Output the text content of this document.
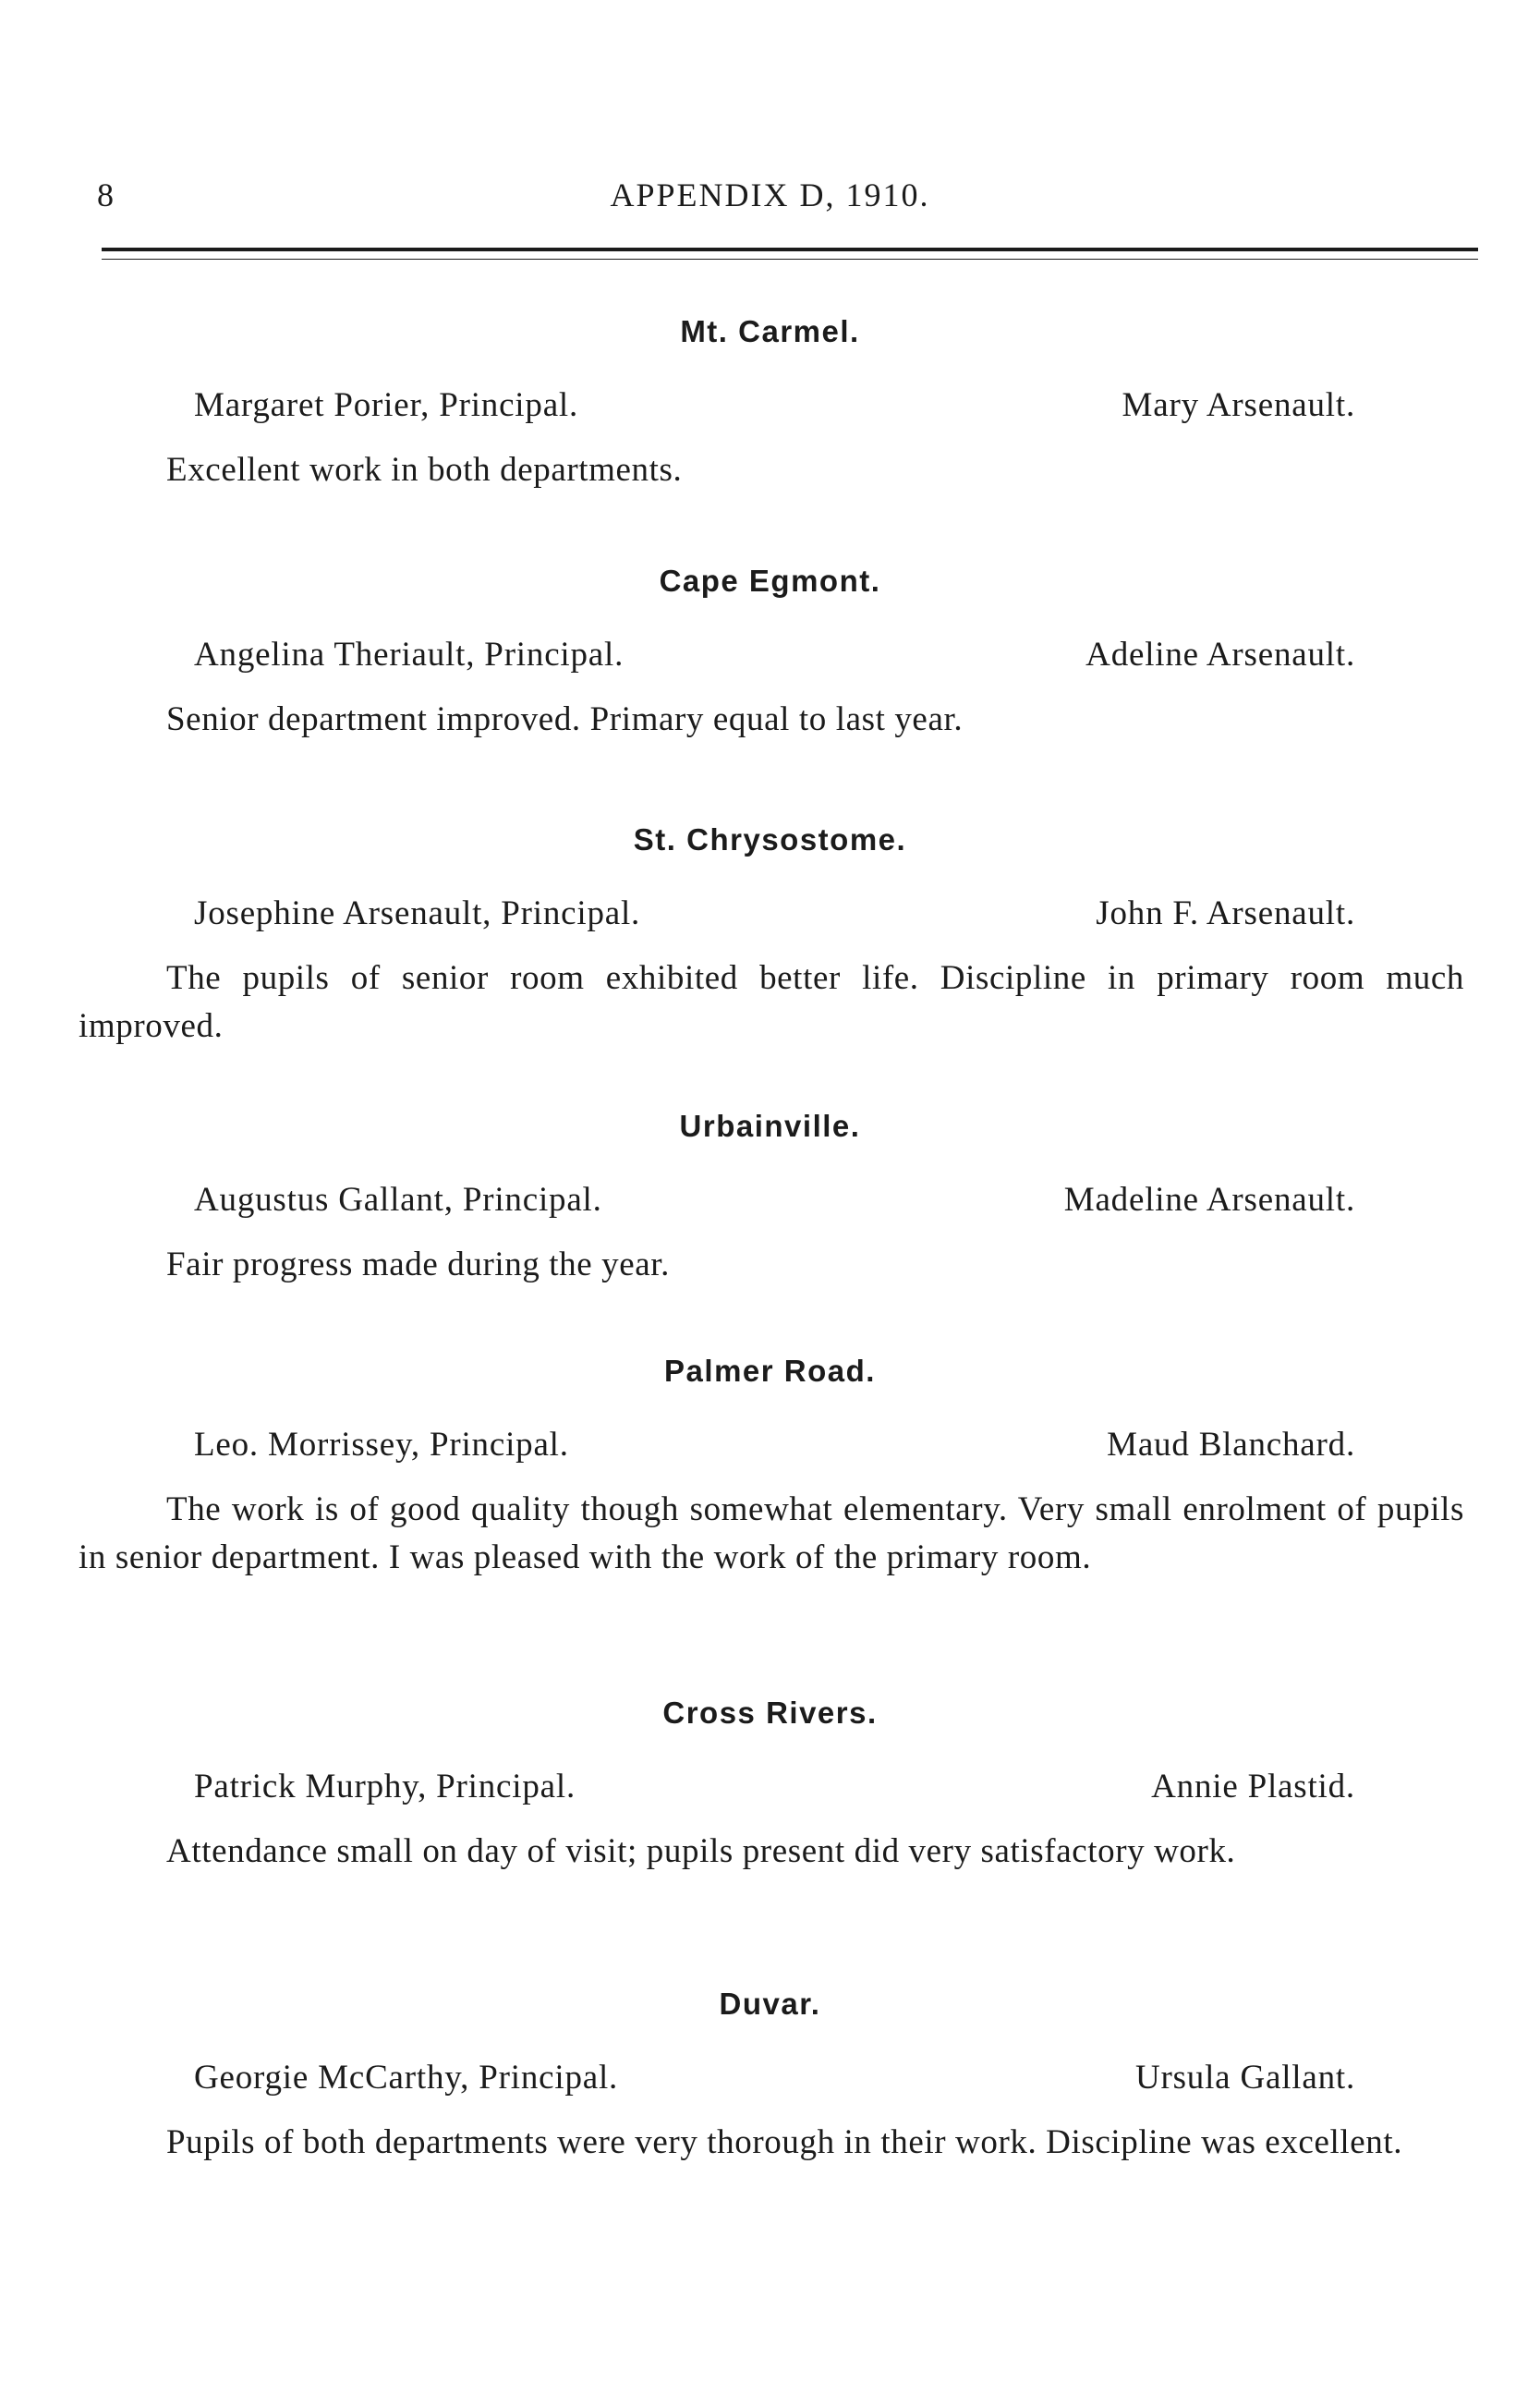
8	APPENDIX D, 1910.
Mt. Carmel.
Margaret Porier, Principal.	Mary Arsenault.
Excellent work in both departments.
Cape Egmont.
Angelina Theriault, Principal.	Adeline Arsenault.
Senior department improved. Primary equal to last year.
St. Chrysostome.
Josephine Arsenault, Principal.	John F. Arsenault.
The pupils of senior room exhibited better life. Discipline in primary room much improved.
Urbainville.
Augustus Gallant, Principal.	Madeline Arsenault.
Fair progress made during the year.
Palmer Road.
Leo. Morrissey, Principal.	Maud Blanchard.
The work is of good quality though somewhat elementary. Very small enrolment of pupils in senior department. I was pleased with the work of the primary room.
Cross Rivers.
Patrick Murphy, Principal.	Annie Plastid.
Attendance small on day of visit; pupils present did very satisfactory work.
Duvar.
Georgie McCarthy, Principal.	Ursula Gallant.
Pupils of both departments were very thorough in their work. Discipline was excellent.
